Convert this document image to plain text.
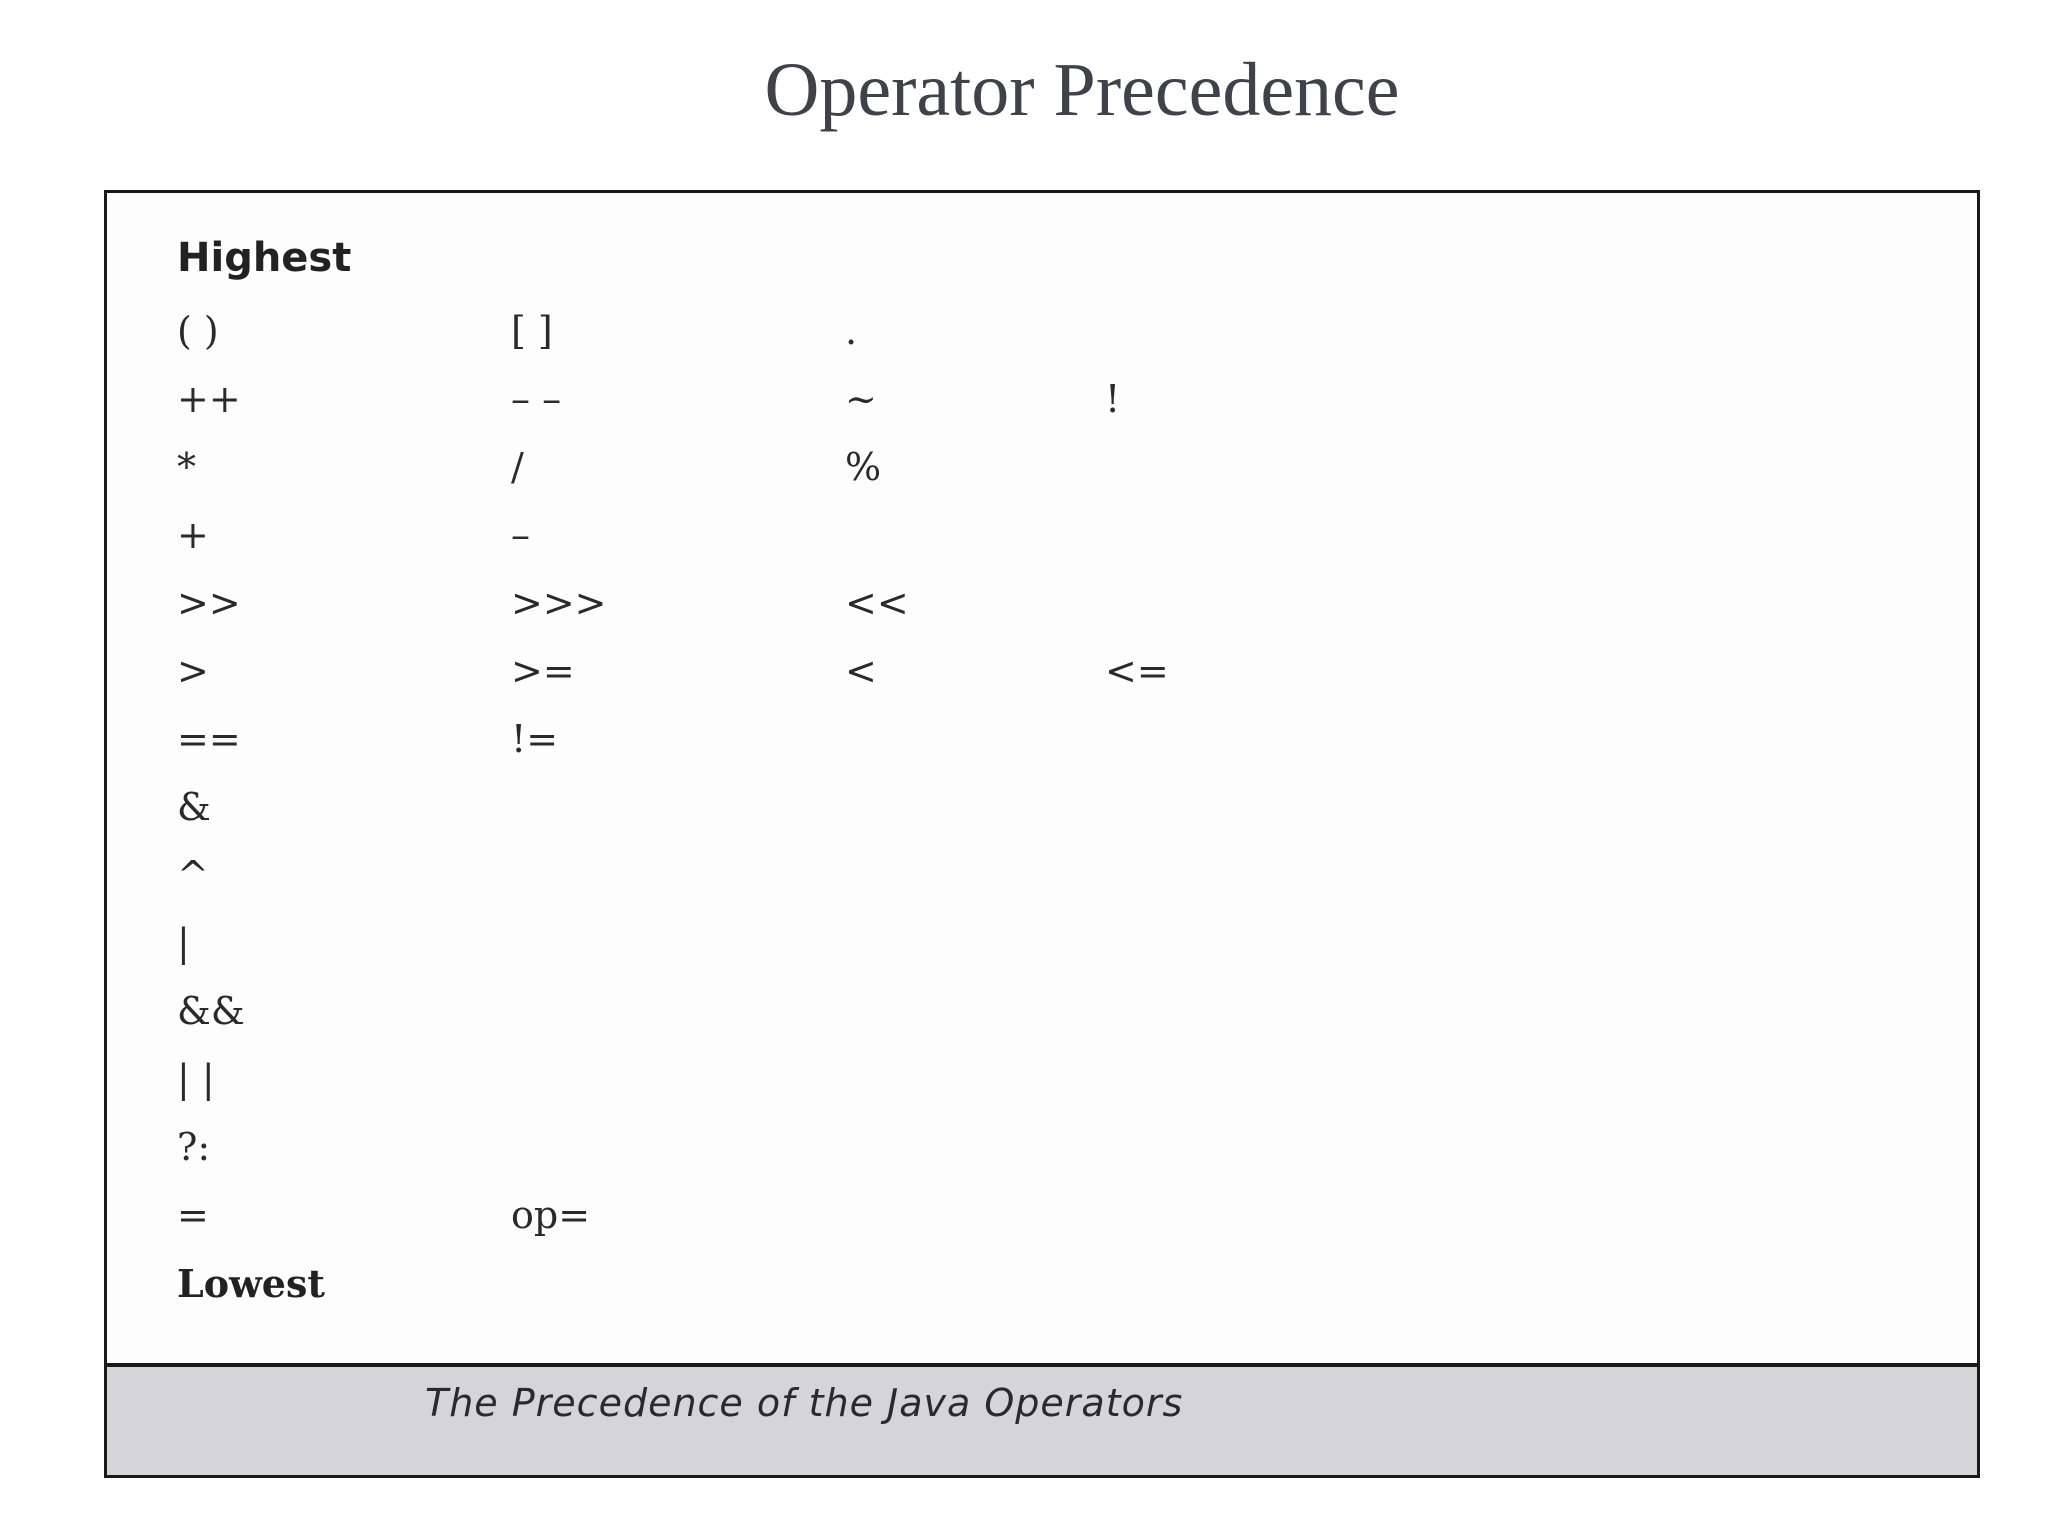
Operator Precedence
Highest
( )	[ ]	.
++	– –	~	!
*	/	%
+	–
>>	>>>	<<
>	>=	<	<=
==	!=
&
^
|
&&
| |
?:
=	op=
Lowest
The Precedence of the Java Operators
